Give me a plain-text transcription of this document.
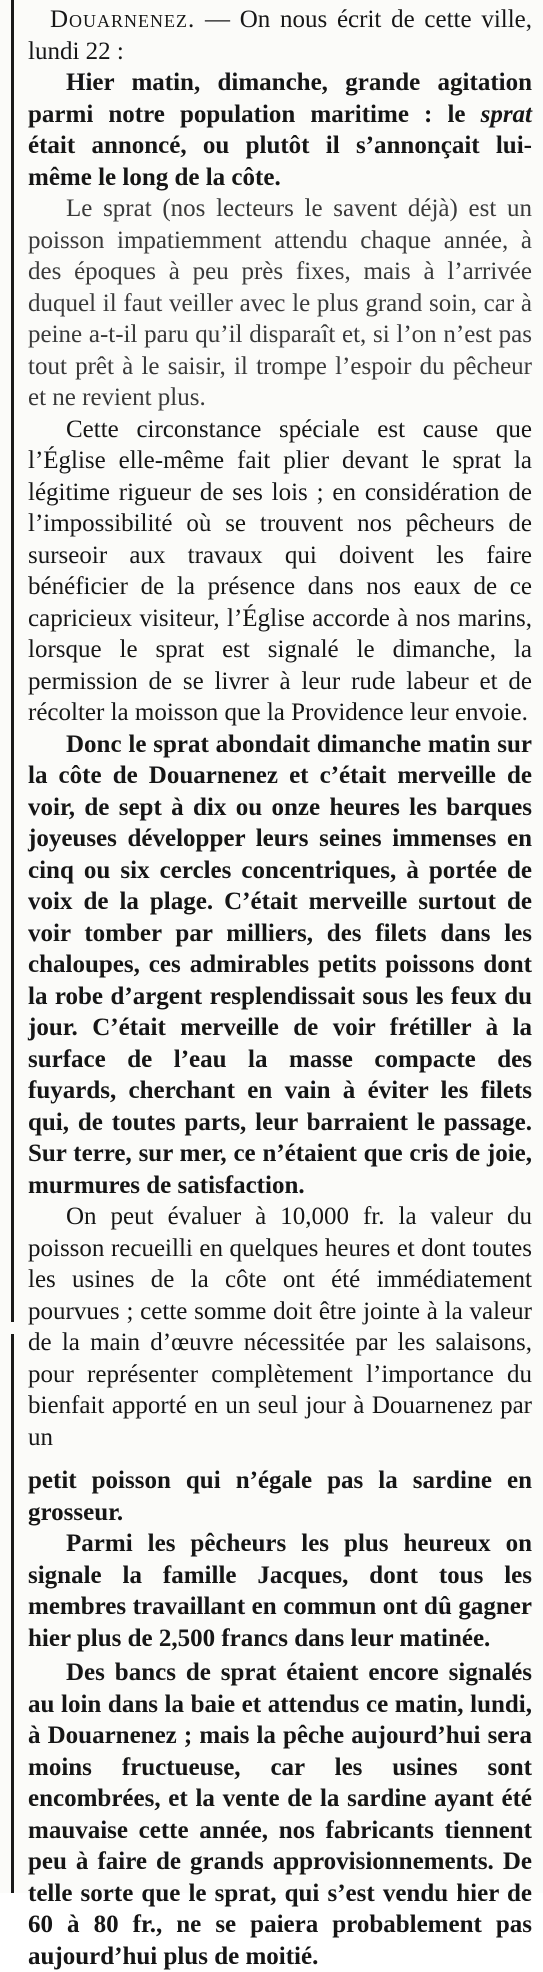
Douarnenez. — On nous écrit de cette ville, lundi 22 :

Hier matin, dimanche, grande agitation parmi notre population maritime : le sprat était annoncé, ou plutôt il s’annonçait lui-même le long de la côte.

Le sprat (nos lecteurs le savent déjà) est un poisson impatiemment attendu chaque année, à des époques à peu près fixes, mais à l’arrivée duquel il faut veiller avec le plus grand soin, car à peine a-t-il paru qu’il disparaît et, si l’on n’est pas tout prêt à le saisir, il trompe l’espoir du pêcheur et ne revient plus.

Cette circonstance spéciale est cause que l’Église elle-même fait plier devant le sprat la légitime rigueur de ses lois ; en considération de l’impossibilité où se trouvent nos pêcheurs de surseoir aux travaux qui doivent les faire bénéficier de la présence dans nos eaux de ce capricieux visiteur, l’Église accorde à nos marins, lorsque le sprat est signalé le dimanche, la permission de se livrer à leur rude labeur et de récolter la moisson que la Providence leur envoie.

Donc le sprat abondait dimanche matin sur la côte de Douarnenez et c’était merveille de voir, de sept à dix ou onze heures les barques joyeuses développer leurs seines immenses en cinq ou six cercles concentriques, à portée de voix de la plage. C’était merveille surtout de voir tomber par milliers, des filets dans les chaloupes, ces admirables petits poissons dont la robe d’argent resplendissait sous les feux du jour. C’était merveille de voir frétiller à la surface de l’eau la masse compacte des fuyards, cherchant en vain à éviter les filets qui, de toutes parts, leur barraient le passage. Sur terre, sur mer, ce n’étaient que cris de joie, murmures de satisfaction.

On peut évaluer à 10,000 fr. la valeur du poisson recueilli en quelques heures et dont toutes les usines de la côte ont été immédiatement pourvues ; cette somme doit être jointe à la valeur de la main d’œuvre nécessitée par les salaisons, pour représenter complètement l’importance du bienfait apporté en un seul jour à Douarnenez par un

petit poisson qui n’égale pas la sardine en grosseur.

Parmi les pêcheurs les plus heureux on signale la famille Jacques, dont tous les membres travaillant en commun ont dû gagner hier plus de 2,500 francs dans leur matinée.

Des bancs de sprat étaient encore signalés au loin dans la baie et attendus ce matin, lundi, à Douarnenez ; mais la pêche aujourd’hui sera moins fructueuse, car les usines sont encombrées, et la vente de la sardine ayant été mauvaise cette année, nos fabricants tiennent peu à faire de grands approvisionnements. De telle sorte que le sprat, qui s’est vendu hier de 60 à 80 fr., ne se paiera probablement pas aujourd’hui plus de moitié.
